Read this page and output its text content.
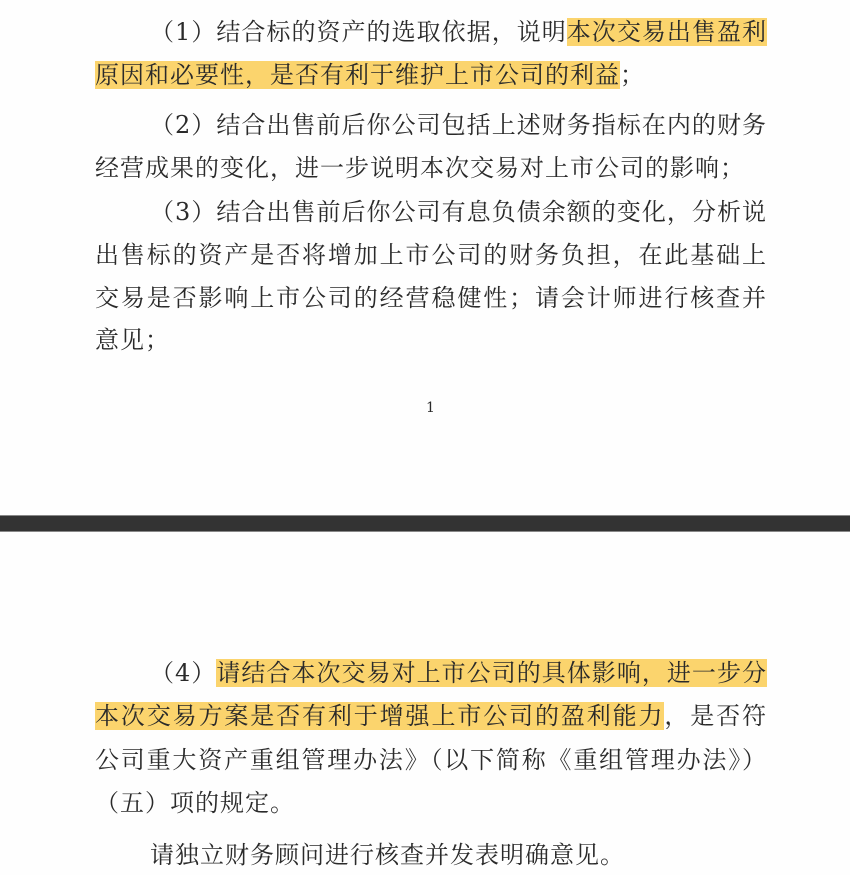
（1）结合标的资产的选取依据，说明本次交易出售盈利
原因和必要性，是否有利于维护上市公司的利益；
（2）结合出售前后你公司包括上述财务指标在内的财务
经营成果的变化，进一步说明本次交易对上市公司的影响；
（3）结合出售前后你公司有息负债余额的变化，分析说
出售标的资产是否将增加上市公司的财务负担，在此基础上
交易是否影响上市公司的经营稳健性；请会计师进行核查并
意见；
1
（4）请结合本次交易对上市公司的具体影响，进一步分
本次交易方案是否有利于增强上市公司的盈利能力，是否符
公司重大资产重组管理办法》（以下简称《重组管理办法》）
（五）项的规定。
请独立财务顾问进行核查并发表明确意见。
